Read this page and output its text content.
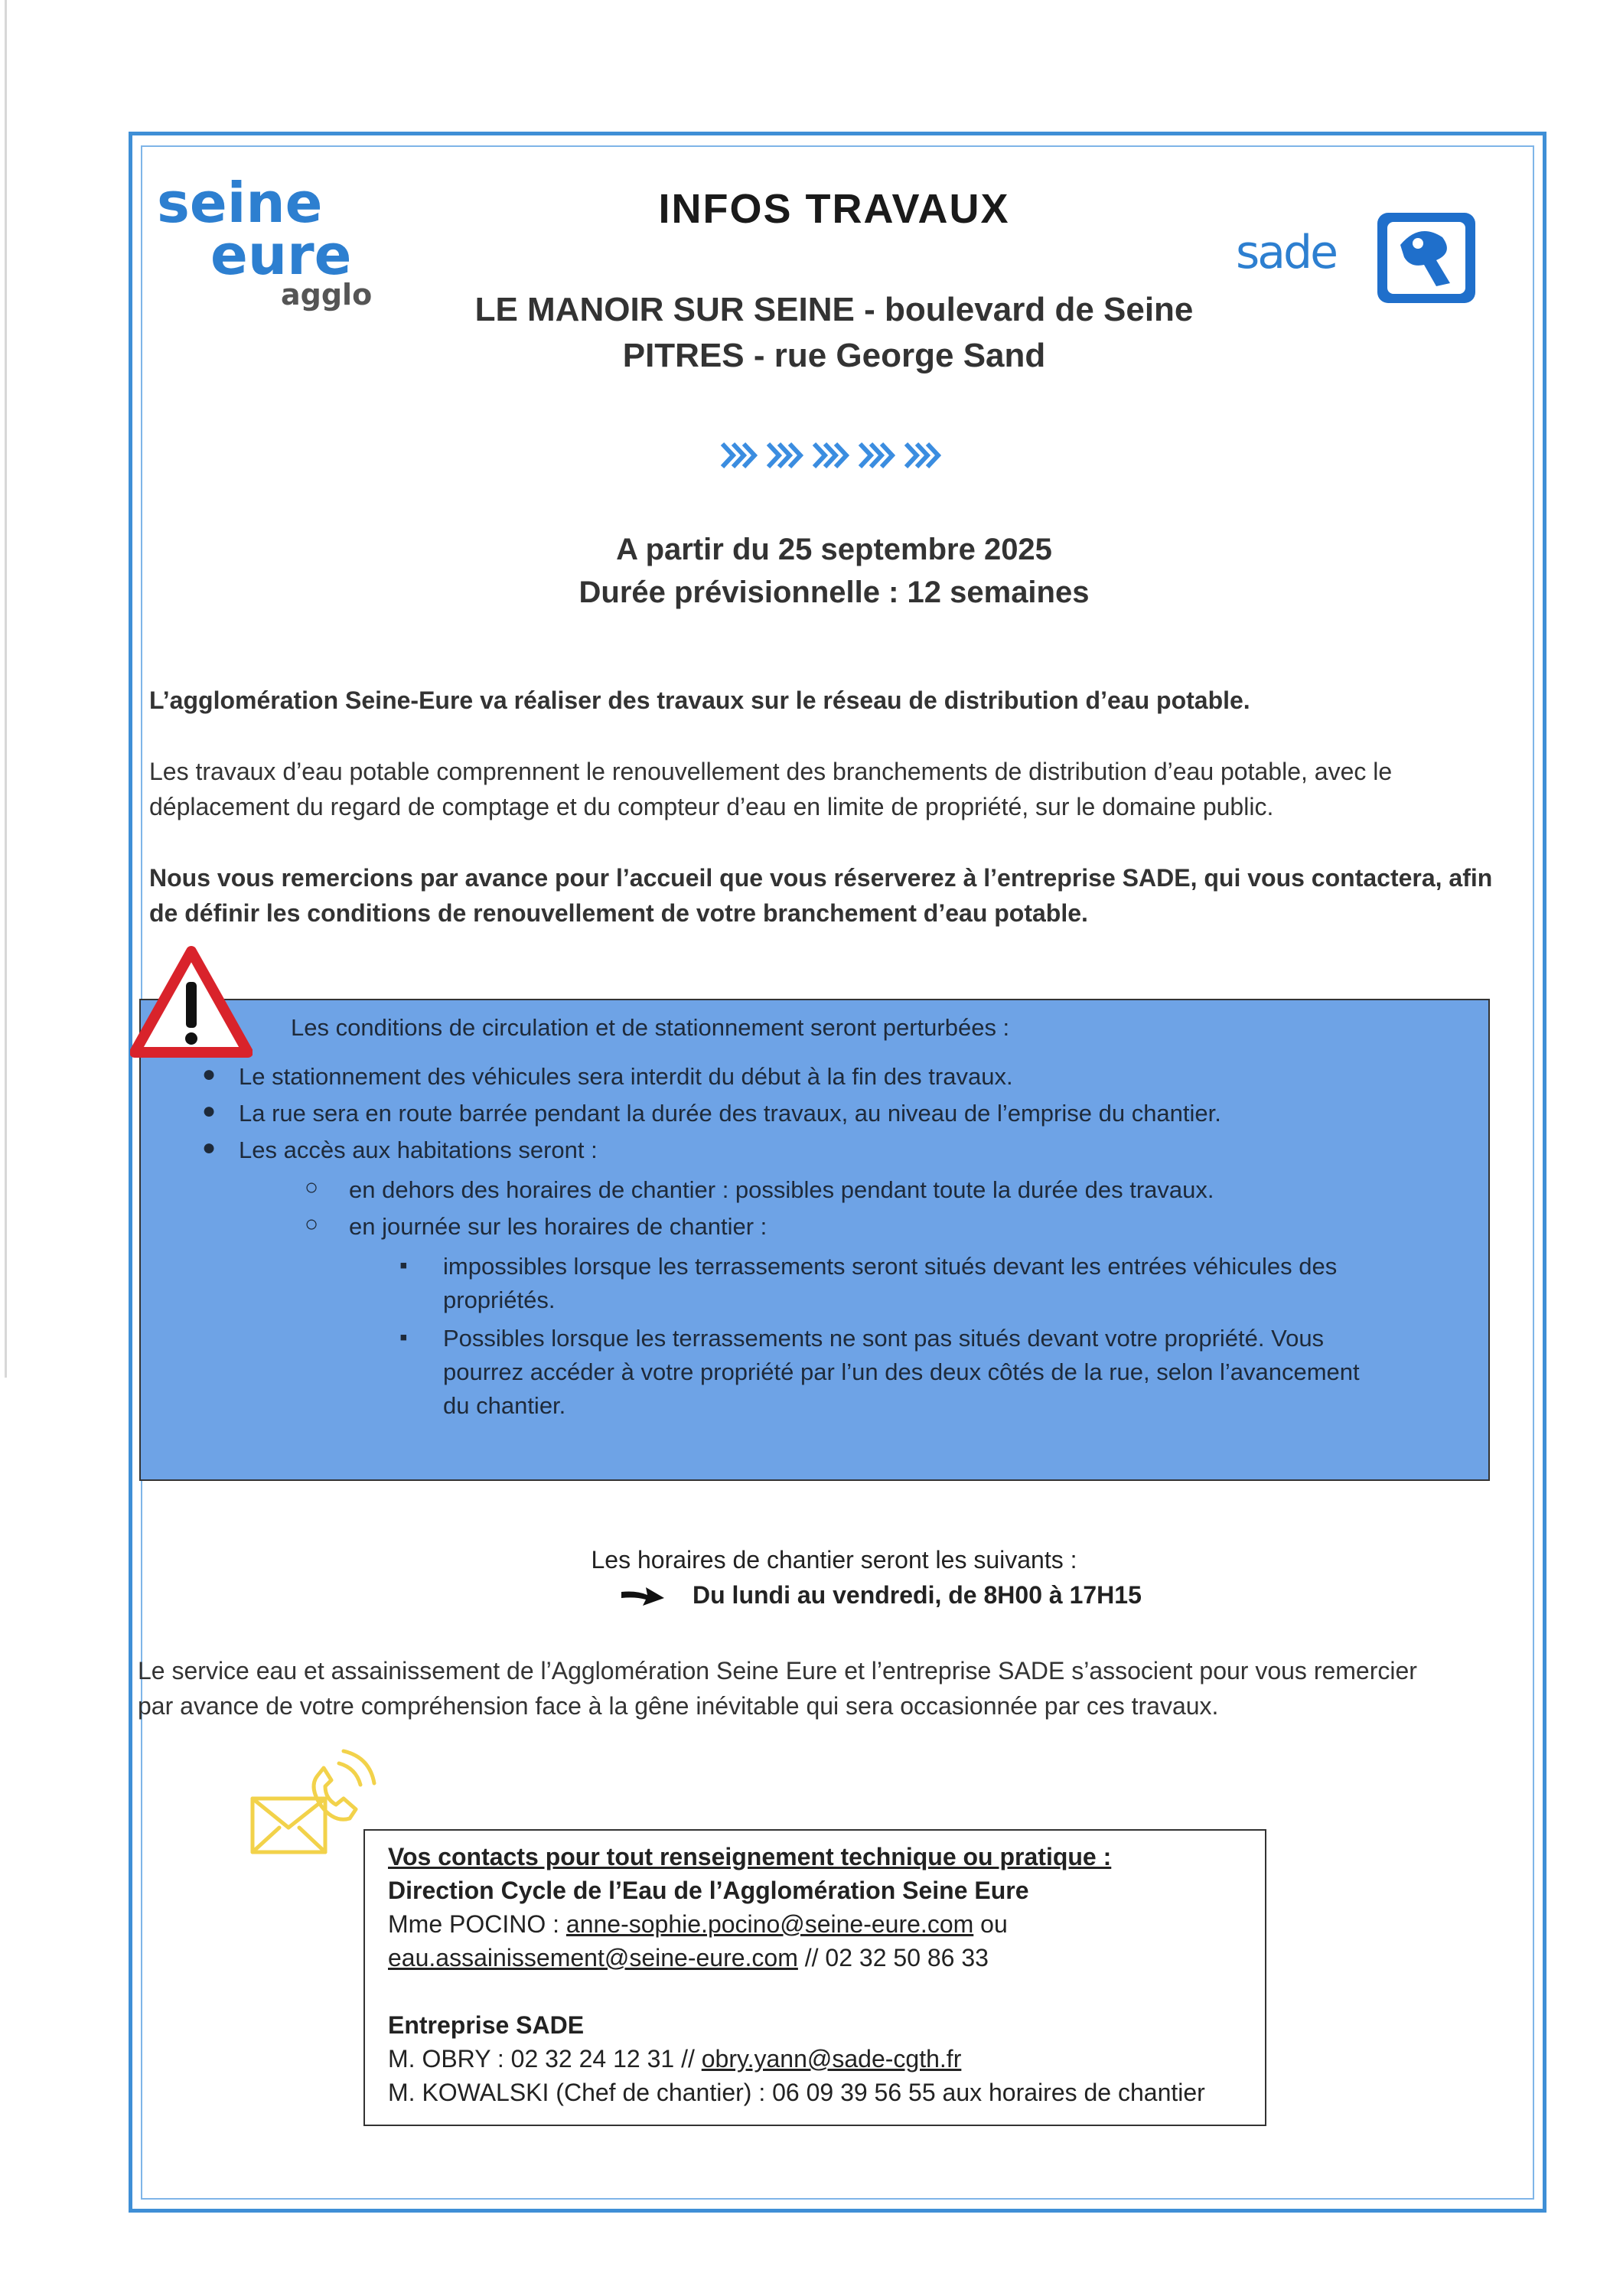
seine
eure
agglo
INFOS TRAVAUX
sade
LE MANOIR SUR SEINE - boulevard de Seine
PITRES - rue George Sand
A partir du 25 septembre 2025
Durée prévisionnelle : 12 semaines
L’agglomération Seine-Eure va réaliser des travaux sur le réseau de distribution d’eau potable.
Les travaux d’eau potable comprennent le renouvellement des branchements de distribution d’eau potable, avec le
déplacement du regard de comptage et du compteur d’eau en limite de propriété, sur le domaine public.
Nous vous remercions par avance pour l’accueil que vous réserverez à l’entreprise SADE, qui vous contactera, afin
de définir les conditions de renouvellement de votre branchement d’eau potable.
Les conditions de circulation et de stationnement seront perturbées :
● Le stationnement des véhicules sera interdit du début à la fin des travaux.
● La rue sera en route barrée pendant la durée des travaux, au niveau de l’emprise du chantier.
● Les accès aux habitations seront :
○ en dehors des horaires de chantier : possibles pendant toute la durée des travaux.
○ en journée sur les horaires de chantier :
▪ impossibles lorsque les terrassements seront situés devant les entrées véhicules des
propriétés.
▪ Possibles lorsque les terrassements ne sont pas situés devant votre propriété. Vous
pourrez accéder à votre propriété par l’un des deux côtés de la rue, selon l’avancement
du chantier.
Les horaires de chantier seront les suivants :
Du lundi au vendredi, de 8H00 à 17H15
Le service eau et assainissement de l’Agglomération Seine Eure et l’entreprise SADE s’associent pour vous remercier
par avance de votre compréhension face à la gêne inévitable qui sera occasionnée par ces travaux.
Vos contacts pour tout renseignement technique ou pratique :
Direction Cycle de l’Eau de l’Agglomération Seine Eure
Mme POCINO : anne-sophie.pocino@seine-eure.com ou
eau.assainissement@seine-eure.com // 02 32 50 86 33
Entreprise SADE
M. OBRY : 02 32 24 12 31 // obry.yann@sade-cgth.fr
M. KOWALSKI (Chef de chantier) : 06 09 39 56 55 aux horaires de chantier
